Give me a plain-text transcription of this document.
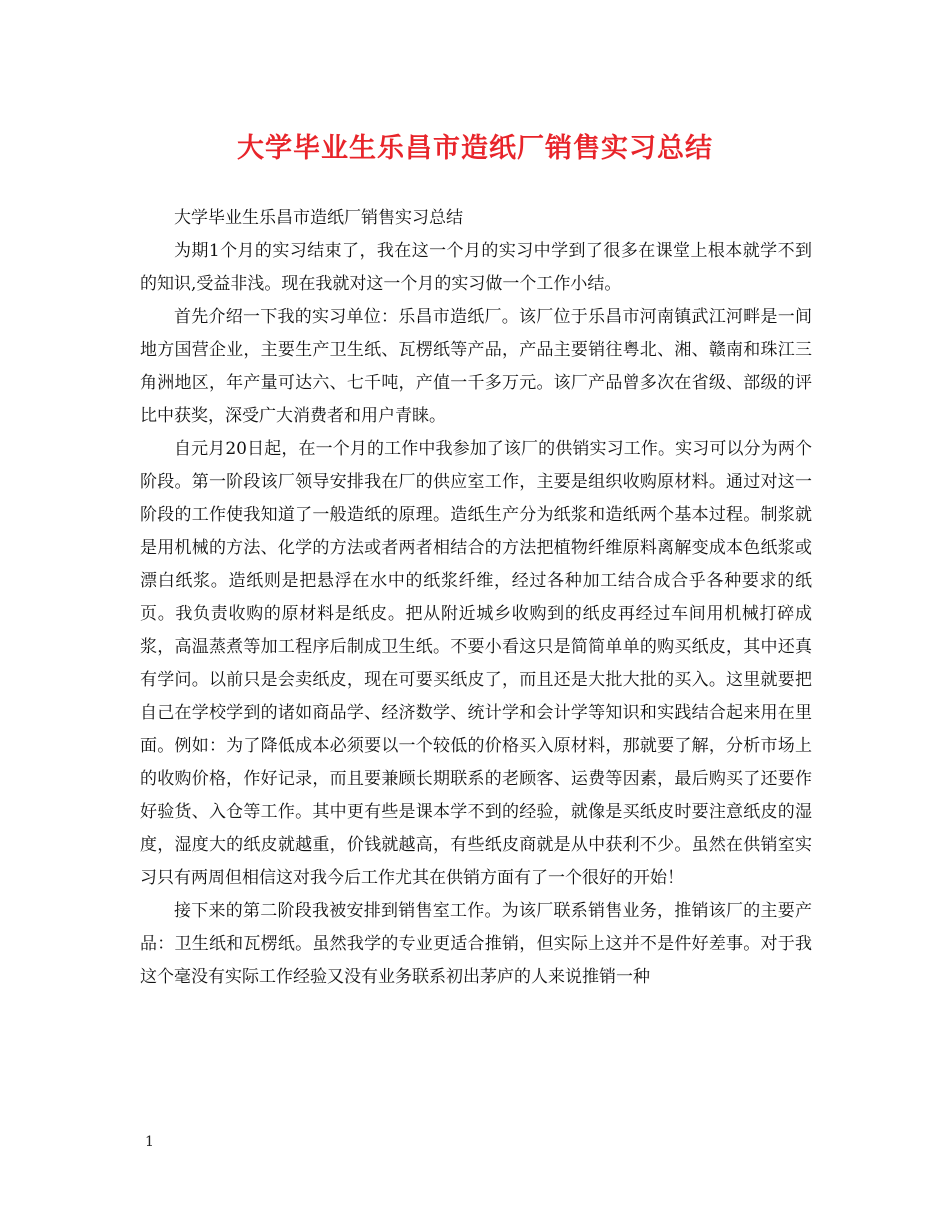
大学毕业生乐昌市造纸厂销售实习总结

大学毕业生乐昌市造纸厂销售实习总结

为期1个月的实习结束了，我在这一个月的实习中学到了很多在课堂上根本就学不到的知识,受益非浅。现在我就对这一个月的实习做一个工作小结。

首先介绍一下我的实习单位：乐昌市造纸厂。该厂位于乐昌市河南镇武江河畔是一间地方国营企业，主要生产卫生纸、瓦楞纸等产品，产品主要销往粤北、湘、赣南和珠江三角洲地区，年产量可达六、七千吨，产值一千多万元。该厂产品曾多次在省级、部级的评比中获奖，深受广大消费者和用户青睐。

自元月20日起，在一个月的工作中我参加了该厂的供销实习工作。实习可以分为两个阶段。第一阶段该厂领导安排我在厂的供应室工作，主要是组织收购原材料。通过对这一阶段的工作使我知道了一般造纸的原理。造纸生产分为纸浆和造纸两个基本过程。制浆就是用机械的方法、化学的方法或者两者相结合的方法把植物纤维原料离解变成本色纸浆或漂白纸浆。造纸则是把悬浮在水中的纸浆纤维，经过各种加工结合成合乎各种要求的纸页。我负责收购的原材料是纸皮。把从附近城乡收购到的纸皮再经过车间用机械打碎成浆，高温蒸煮等加工程序后制成卫生纸。不要小看这只是简简单单的购买纸皮，其中还真有学问。以前只是会卖纸皮，现在可要买纸皮了，而且还是大批大批的买入。这里就要把自己在学校学到的诸如商品学、经济数学、统计学和会计学等知识和实践结合起来用在里面。例如：为了降低成本必须要以一个较低的价格买入原材料，那就要了解，分析市场上的收购价格，作好记录，而且要兼顾长期联系的老顾客、运费等因素，最后购买了还要作好验货、入仓等工作。其中更有些是课本学不到的经验，就像是买纸皮时要注意纸皮的湿度，湿度大的纸皮就越重，价钱就越高，有些纸皮商就是从中获利不少。虽然在供销室实习只有两周但相信这对我今后工作尤其在供销方面有了一个很好的开始！

接下来的第二阶段我被安排到销售室工作。为该厂联系销售业务，推销该厂的主要产品：卫生纸和瓦楞纸。虽然我学的专业更适合推销，但实际上这并不是件好差事。对于我这个毫没有实际工作经验又没有业务联系初出茅庐的人来说推销一种

1
